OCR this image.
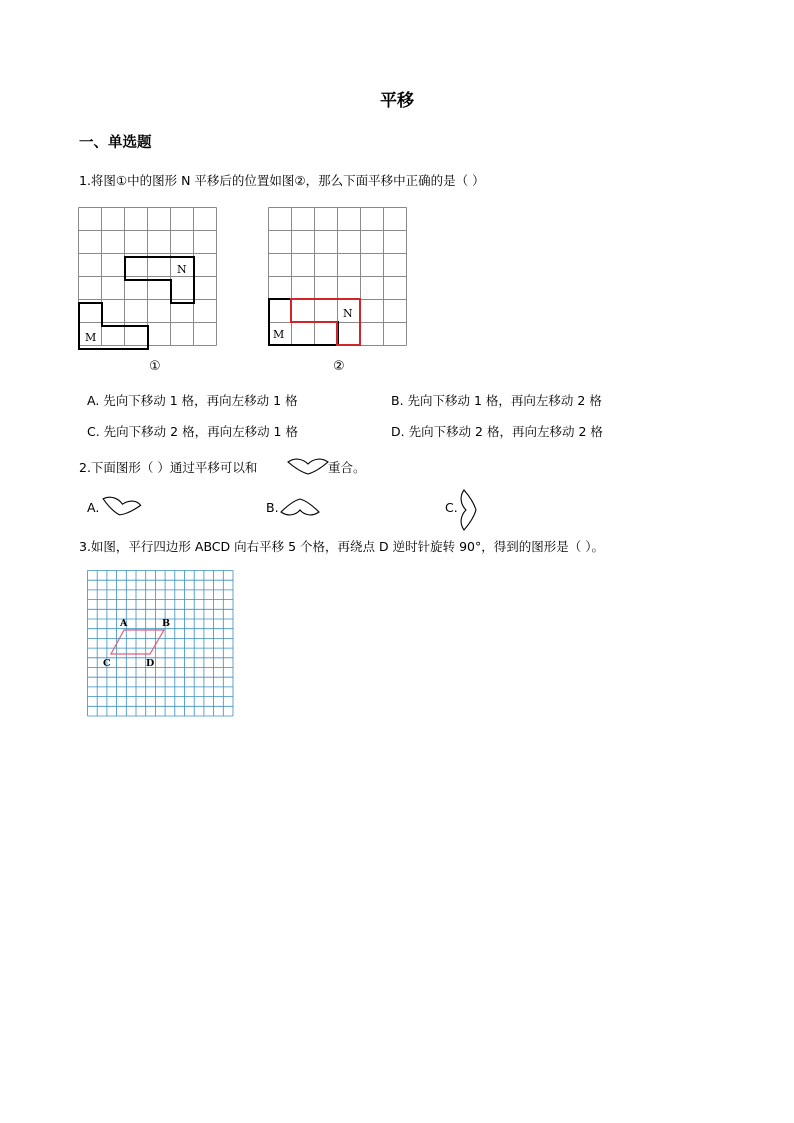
平移
一、单选题
1.将图①中的图形 N 平移后的位置如图②，那么下面平移中正确的是（ ）
N
M
①
N
M
②
A. 先向下移动 1 格，再向左移动 1 格	B. 先向下移动 1 格，再向左移动 2 格
C. 先向下移动 2 格，再向左移动 1 格	D. 先向下移动 2 格，再向左移动 2 格
2.下面图形（ ）通过平移可以和	重合。
A.	B.	C.
3.如图，平行四边形 ABCD 向右平移 5 个格，再绕点 D 逆时针旋转 90°，得到的图形是（ ）。
A	B
C	D
